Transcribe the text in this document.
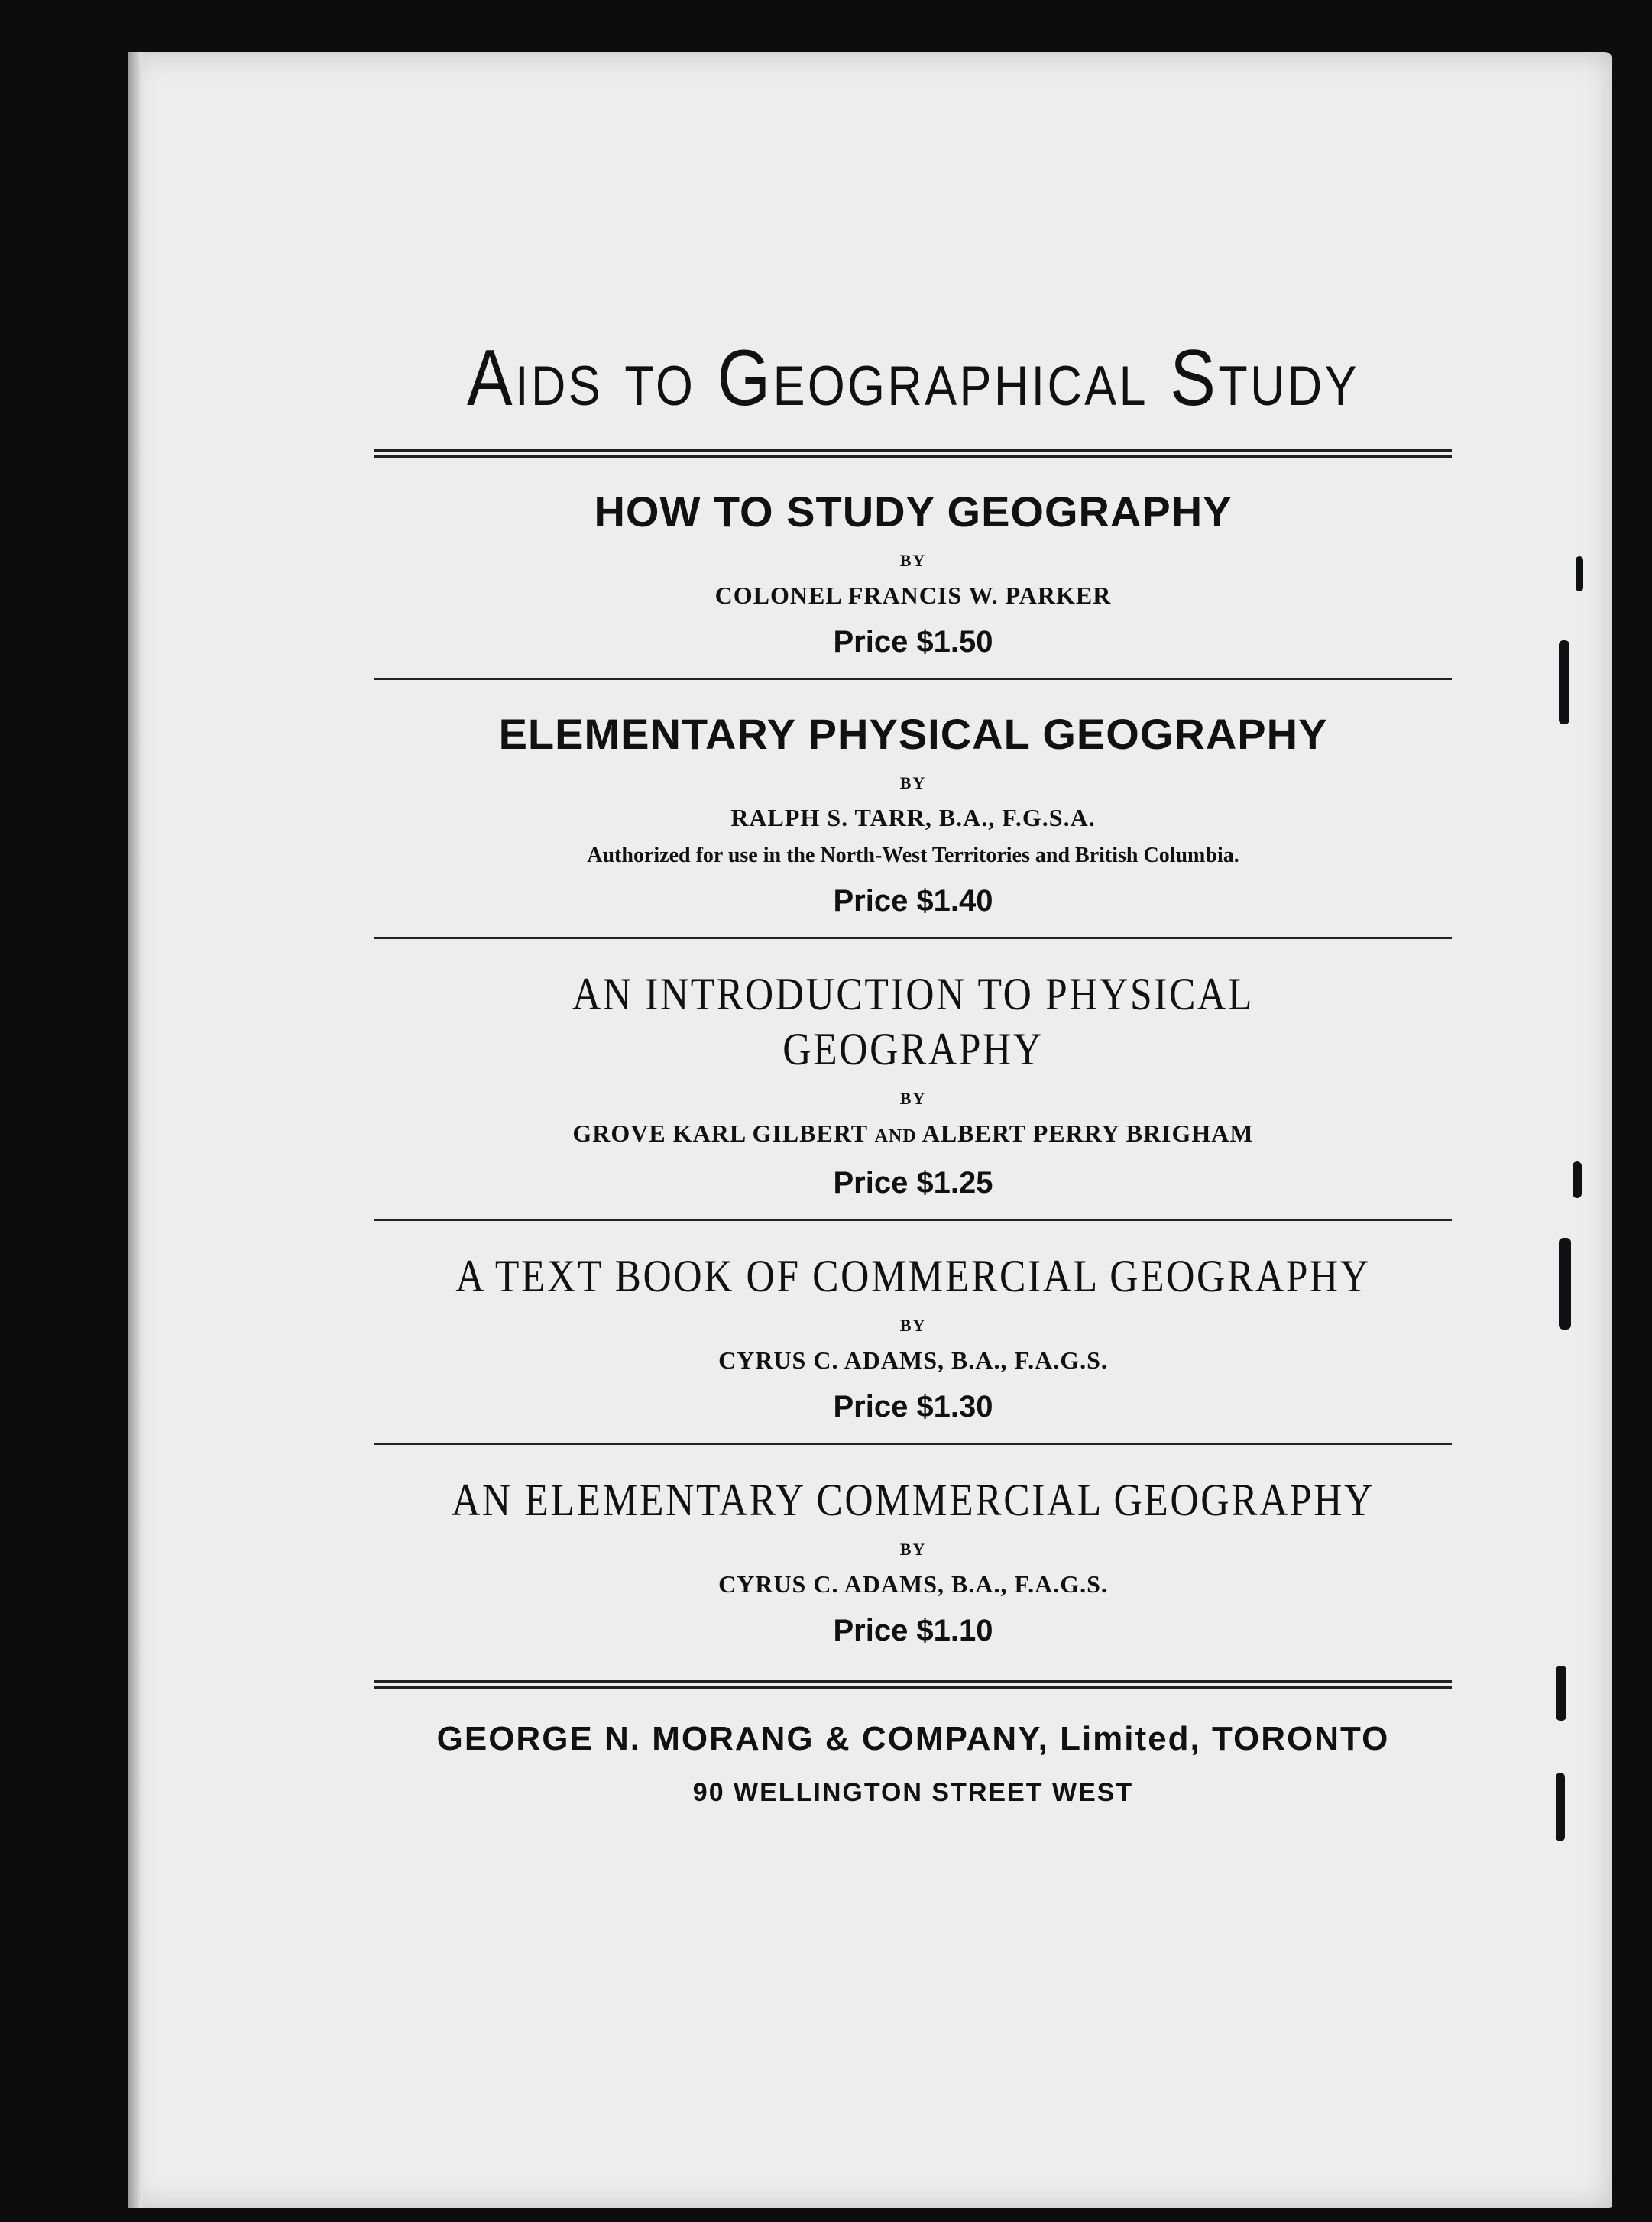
Aids to Geographical Study
HOW TO STUDY GEOGRAPHY
BY
COLONEL FRANCIS W. PARKER
Price $1.50
ELEMENTARY PHYSICAL GEOGRAPHY
BY
RALPH S. TARR, B.A., F.G.S.A.
Authorized for use in the North-West Territories and British Columbia.
Price $1.40
AN INTRODUCTION TO PHYSICAL GEOGRAPHY
BY
GROVE KARL GILBERT AND ALBERT PERRY BRIGHAM
Price $1.25
A TEXT BOOK OF COMMERCIAL GEOGRAPHY
BY
CYRUS C. ADAMS, B.A., F.A.G.S.
Price $1.30
AN ELEMENTARY COMMERCIAL GEOGRAPHY
BY
CYRUS C. ADAMS, B.A., F.A.G.S.
Price $1.10
GEORGE N. MORANG & COMPANY, Limited, TORONTO
90 WELLINGTON STREET WEST
